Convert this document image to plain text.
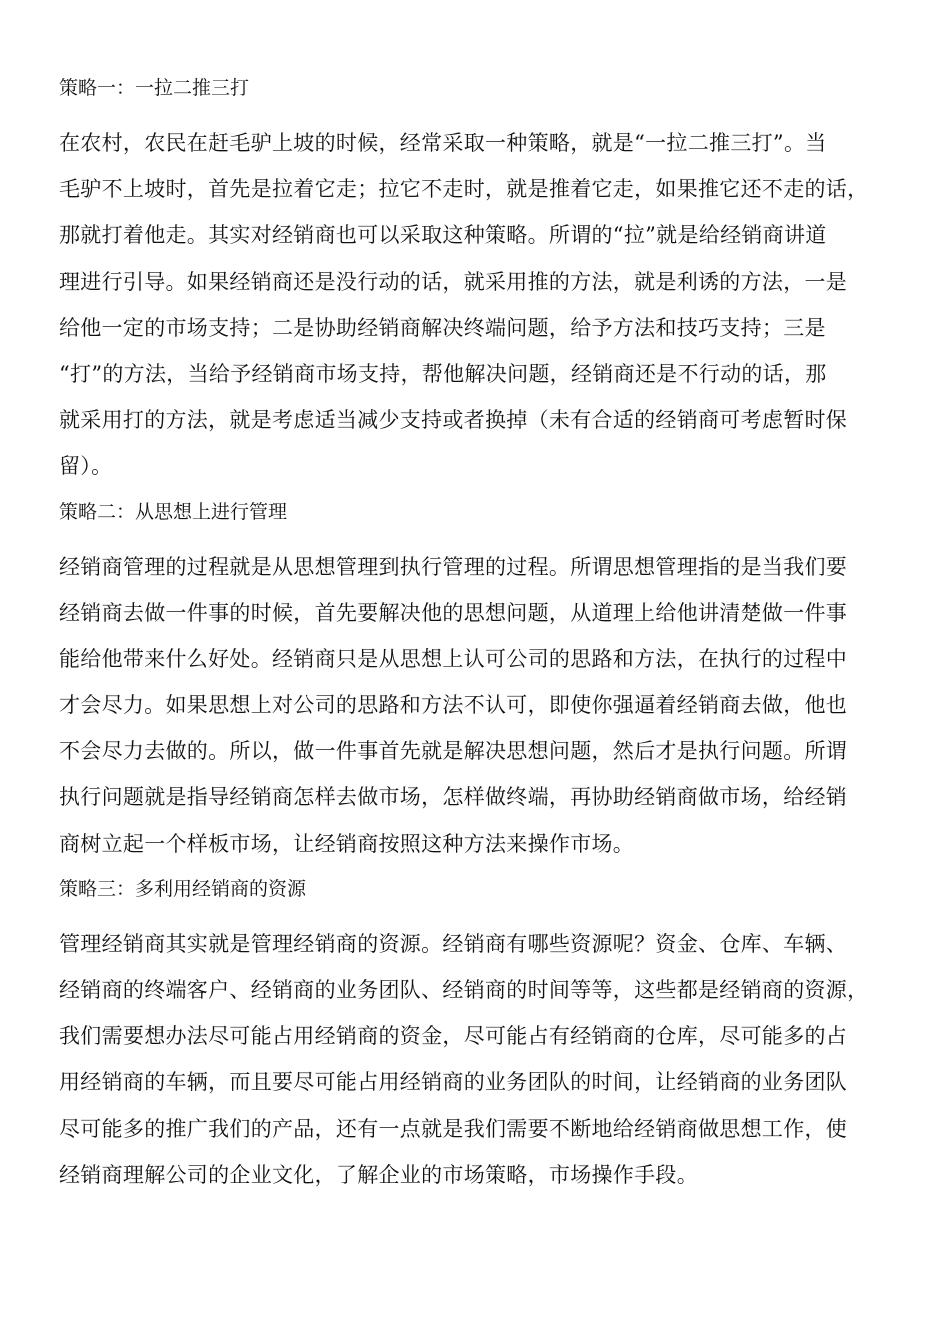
策略一：一拉二推三打
在农村，农民在赶毛驴上坡的时候，经常采取一种策略，就是“一拉二推三打”。当
毛驴不上坡时，首先是拉着它走；拉它不走时，就是推着它走，如果推它还不走的话，
那就打着他走。其实对经销商也可以采取这种策略。所谓的“拉”就是给经销商讲道
理进行引导。如果经销商还是没行动的话，就采用推的方法，就是利诱的方法，一是
给他一定的市场支持；二是协助经销商解决终端问题，给予方法和技巧支持；三是
“打”的方法，当给予经销商市场支持，帮他解决问题，经销商还是不行动的话，那
就采用打的方法，就是考虑适当减少支持或者换掉（未有合适的经销商可考虑暂时保
留）。
策略二：从思想上进行管理
经销商管理的过程就是从思想管理到执行管理的过程。所谓思想管理指的是当我们要
经销商去做一件事的时候，首先要解决他的思想问题，从道理上给他讲清楚做一件事
能给他带来什么好处。经销商只是从思想上认可公司的思路和方法，在执行的过程中
才会尽力。如果思想上对公司的思路和方法不认可，即使你强逼着经销商去做，他也
不会尽力去做的。所以，做一件事首先就是解决思想问题，然后才是执行问题。所谓
执行问题就是指导经销商怎样去做市场，怎样做终端，再协助经销商做市场，给经销
商树立起一个样板市场，让经销商按照这种方法来操作市场。
策略三：多利用经销商的资源
管理经销商其实就是管理经销商的资源。经销商有哪些资源呢？资金、仓库、车辆、
经销商的终端客户、经销商的业务团队、经销商的时间等等，这些都是经销商的资源，
我们需要想办法尽可能占用经销商的资金，尽可能占有经销商的仓库，尽可能多的占
用经销商的车辆，而且要尽可能占用经销商的业务团队的时间，让经销商的业务团队
尽可能多的推广我们的产品，还有一点就是我们需要不断地给经销商做思想工作，使
经销商理解公司的企业文化，了解企业的市场策略，市场操作手段。
